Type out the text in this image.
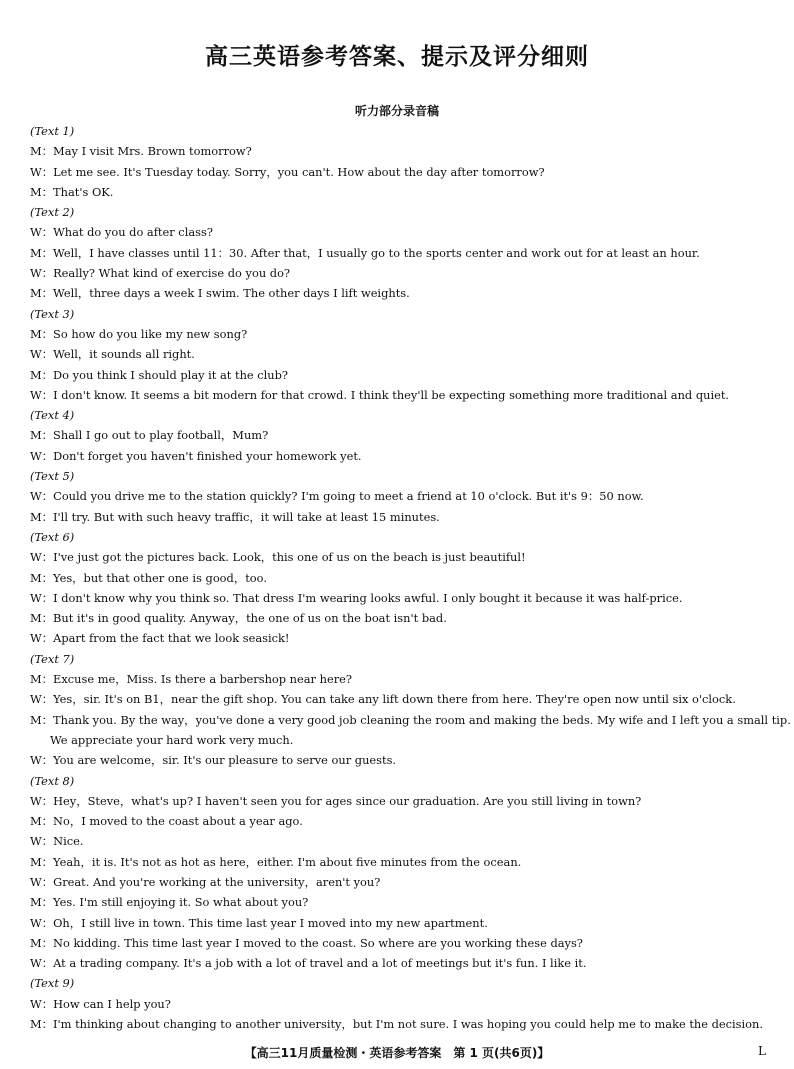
高三英语参考答案、提示及评分细则
听力部分录音稿
(Text 1)
M：May I visit Mrs. Brown tomorrow?
W：Let me see. It's Tuesday today. Sorry，you can't. How about the day after tomorrow?
M：That's OK.
(Text 2)
W：What do you do after class?
M：Well，I have classes until 11：30. After that，I usually go to the sports center and work out for at least an hour.
W：Really? What kind of exercise do you do?
M：Well，three days a week I swim. The other days I lift weights.
(Text 3)
M：So how do you like my new song?
W：Well，it sounds all right.
M：Do you think I should play it at the club?
W：I don't know. It seems a bit modern for that crowd. I think they'll be expecting something more traditional and quiet.
(Text 4)
M：Shall I go out to play football，Mum?
W：Don't forget you haven't finished your homework yet.
(Text 5)
W：Could you drive me to the station quickly? I'm going to meet a friend at 10 o'clock. But it's 9：50 now.
M：I'll try. But with such heavy traffic，it will take at least 15 minutes.
(Text 6)
W：I've just got the pictures back. Look，this one of us on the beach is just beautiful!
M：Yes，but that other one is good，too.
W：I don't know why you think so. That dress I'm wearing looks awful. I only bought it because it was half-price.
M：But it's in good quality. Anyway，the one of us on the boat isn't bad.
W：Apart from the fact that we look seasick!
(Text 7)
M：Excuse me，Miss. Is there a barbershop near here?
W：Yes，sir. It's on B1，near the gift shop. You can take any lift down there from here. They're open now until six o'clock.
M：Thank you. By the way，you've done a very good job cleaning the room and making the beds. My wife and I left you a small tip.
We appreciate your hard work very much.
W：You are welcome，sir. It's our pleasure to serve our guests.
(Text 8)
W：Hey，Steve，what's up? I haven't seen you for ages since our graduation. Are you still living in town?
M：No，I moved to the coast about a year ago.
W：Nice.
M：Yeah，it is. It's not as hot as here，either. I'm about five minutes from the ocean.
W：Great. And you're working at the university，aren't you?
M：Yes. I'm still enjoying it. So what about you?
W：Oh，I still live in town. This time last year I moved into my new apartment.
M：No kidding. This time last year I moved to the coast. So where are you working these days?
W：At a trading company. It's a job with a lot of travel and a lot of meetings but it's fun. I like it.
(Text 9)
W：How can I help you?
M：I'm thinking about changing to another university，but I'm not sure. I was hoping you could help me to make the decision.
【高三11月质量检测・英语参考答案　第 1 页(共6页)】	L
